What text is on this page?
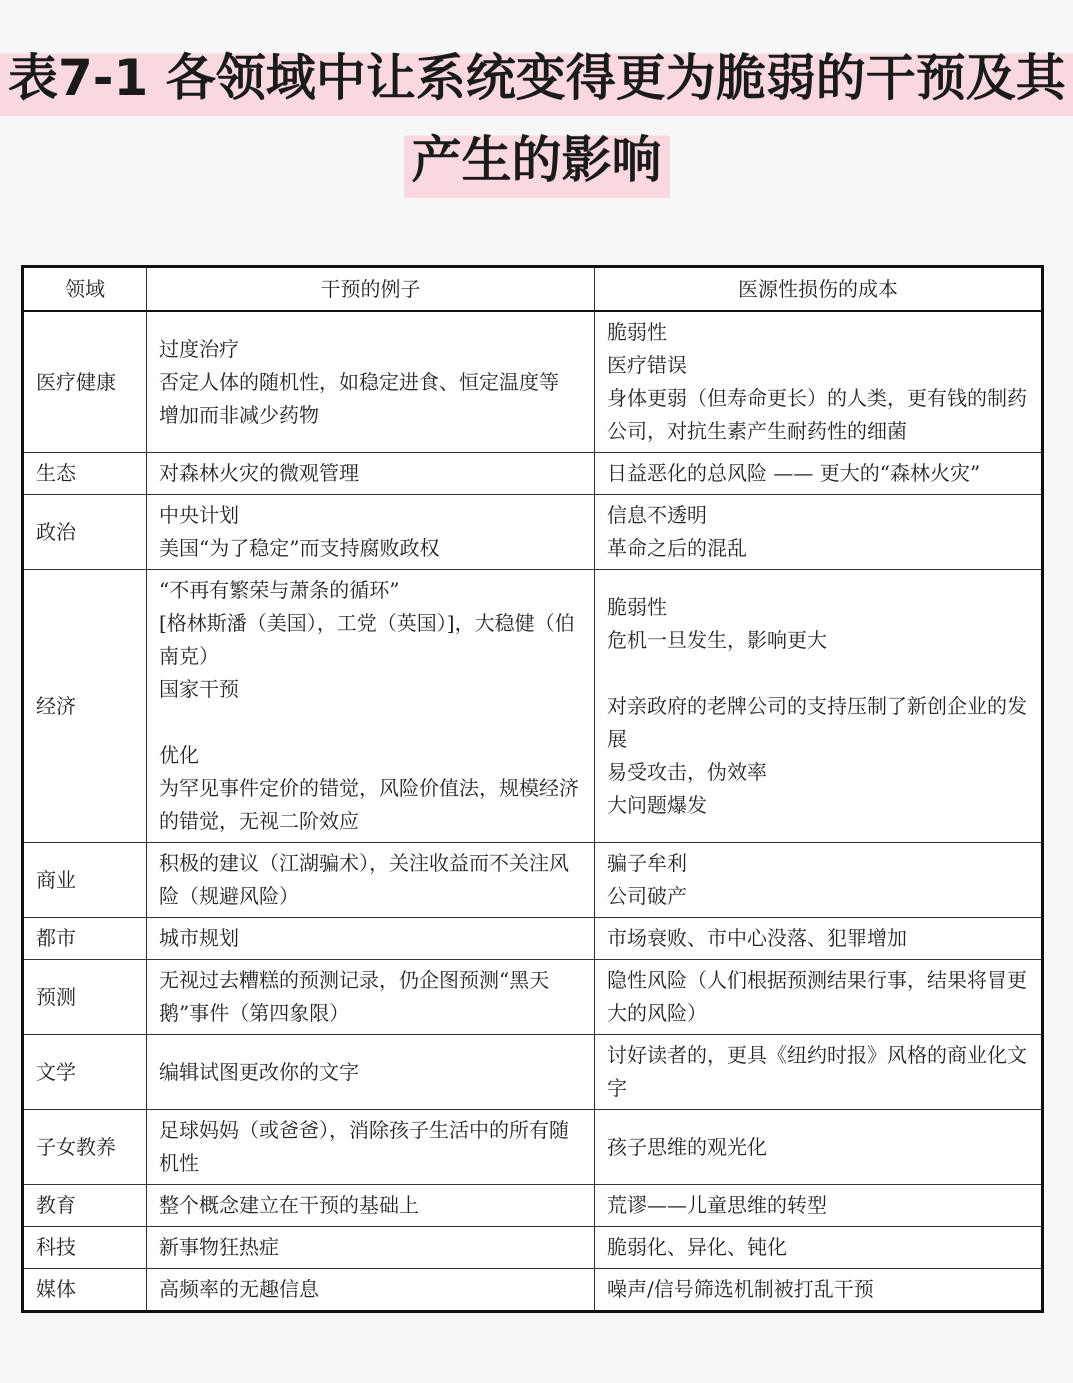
表7-1 各领域中让系统变得更为脆弱的干预及其
产生的影响
领域	干预的例子	医源性损伤的成本
医疗健康	过度治疗
否定人体的随机性，如稳定进食、恒定温度等
增加而非减少药物	脆弱性
医疗错误
身体更弱（但寿命更长）的人类，更有钱的制药公司，对抗生素产生耐药性的细菌

生态	对森林火灾的微观管理	日益恶化的总风险 —— 更大的“森林火灾”

政治	中央计划
美国“为了稳定”而支持腐败政权	信息不透明
革命之后的混乱

经济	“不再有繁荣与萧条的循环”
[格林斯潘（美国），工党（英国）]，大稳健（伯南克）
国家干预
优化
为罕见事件定价的错觉，风险价值法，规模经济的错觉，无视二阶效应	脆弱性
危机一旦发生，影响更大
对亲政府的老牌公司的支持压制了新创企业的发展
易受攻击，伪效率
大问题爆发

商业	积极的建议（江湖骗术），关注收益而不关注风险（规避风险）	骗子牟利
公司破产

都市	城市规划	市场衰败、市中心没落、犯罪增加

预测	无视过去糟糕的预测记录，仍企图预测“黑天鹅”事件（第四象限）	隐性风险（人们根据预测结果行事，结果将冒更大的风险）

文学	编辑试图更改你的文字	讨好读者的，更具《纽约时报》风格的商业化文字

子女教养	足球妈妈（或爸爸），消除孩子生活中的所有随机性	孩子思维的观光化

教育	整个概念建立在干预的基础上	荒谬——儿童思维的转型

科技	新事物狂热症	脆弱化、异化、钝化

媒体	高频率的无趣信息	噪声/信号筛选机制被打乱干预
